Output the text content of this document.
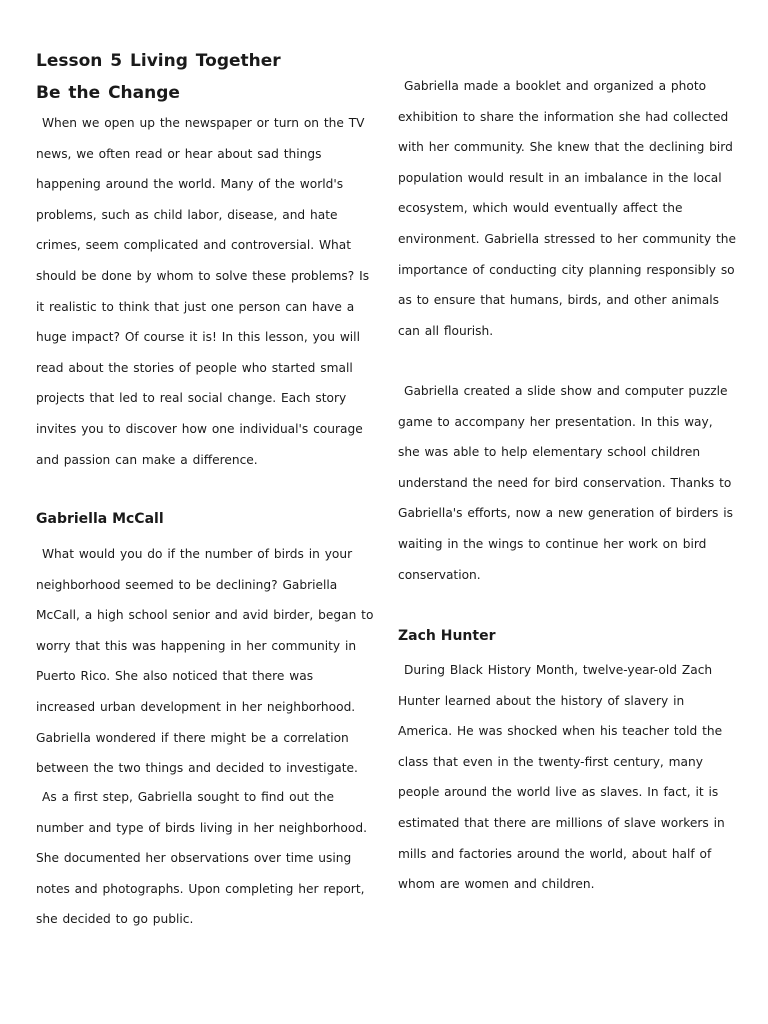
Lesson 5 Living Together
Be the Change

When we open up the newspaper or turn on the TV news, we often read or hear about sad things happening around the world. Many of the world's problems, such as child labor, disease, and hate crimes, seem complicated and controversial. What should be done by whom to solve these problems? Is it realistic to think that just one person can have a huge impact? Of course it is! In this lesson, you will read about the stories of people who started small projects that led to real social change. Each story invites you to discover how one individual's courage and passion can make a difference.

Gabriella McCall

What would you do if the number of birds in your neighborhood seemed to be declining? Gabriella McCall, a high school senior and avid birder, began to worry that this was happening in her community in Puerto Rico. She also noticed that there was increased urban development in her neighborhood. Gabriella wondered if there might be a correlation between the two things and decided to investigate.

As a first step, Gabriella sought to find out the number and type of birds living in her neighborhood. She documented her observations over time using notes and photographs. Upon completing her report, she decided to go public.

Gabriella made a booklet and organized a photo exhibition to share the information she had collected with her community. She knew that the declining bird population would result in an imbalance in the local ecosystem, which would eventually affect the environment. Gabriella stressed to her community the importance of conducting city planning responsibly so as to ensure that humans, birds, and other animals can all flourish.

Gabriella created a slide show and computer puzzle game to accompany her presentation. In this way, she was able to help elementary school children understand the need for bird conservation. Thanks to Gabriella's efforts, now a new generation of birders is waiting in the wings to continue her work on bird conservation.

Zach Hunter

During Black History Month, twelve-year-old Zach Hunter learned about the history of slavery in America. He was shocked when his teacher told the class that even in the twenty-first century, many people around the world live as slaves. In fact, it is estimated that there are millions of slave workers in mills and factories around the world, about half of whom are women and children.
